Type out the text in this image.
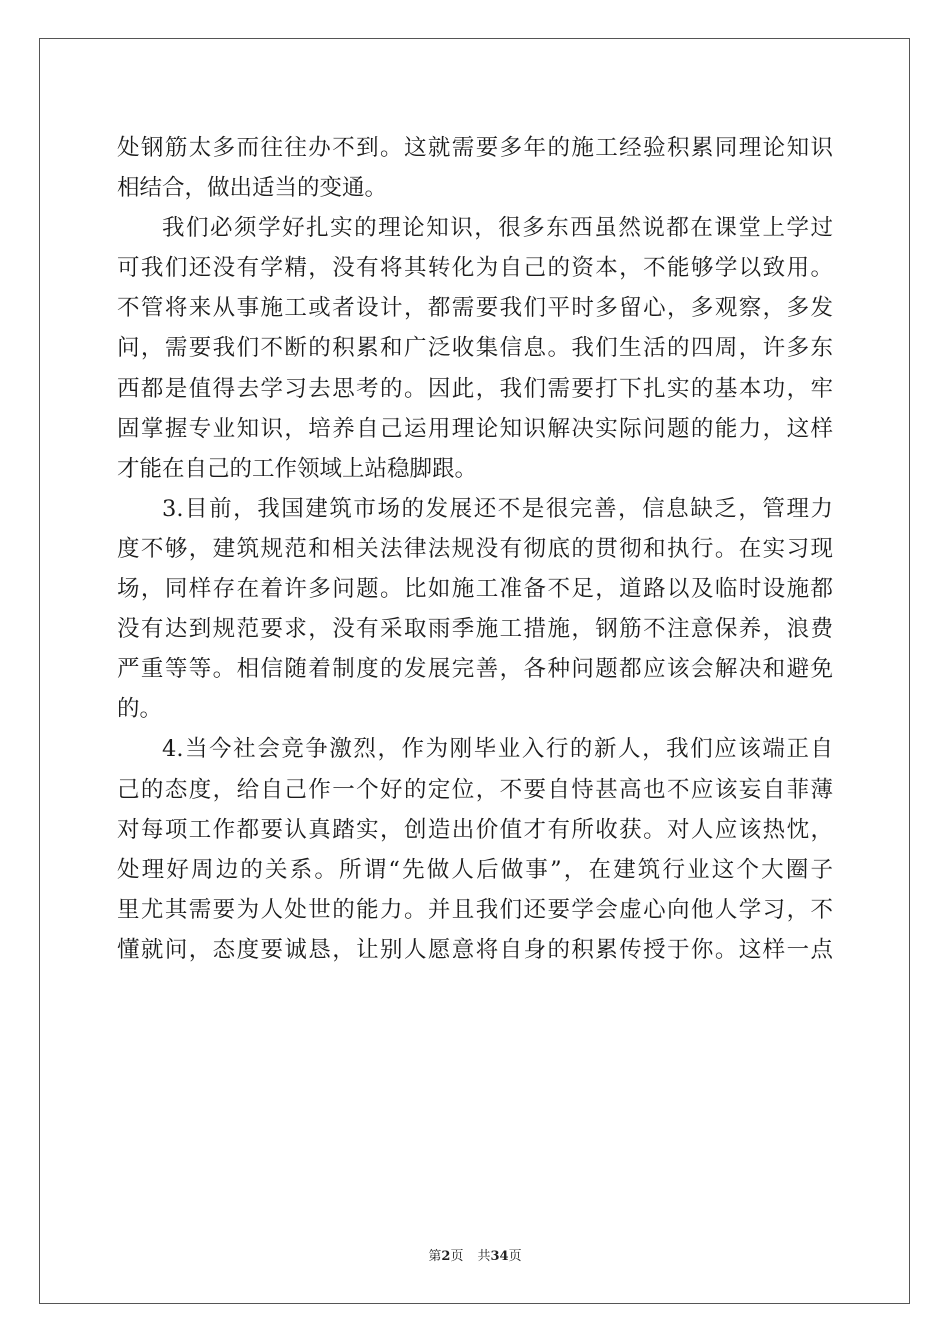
处钢筋太多而往往办不到。这就需要多年的施工经验积累同理论知识
相结合，做出适当的变通。
我们必须学好扎实的理论知识，很多东西虽然说都在课堂上学过
可我们还没有学精，没有将其转化为自己的资本，不能够学以致用。
不管将来从事施工或者设计，都需要我们平时多留心，多观察，多发
问，需要我们不断的积累和广泛收集信息。我们生活的四周，许多东
西都是值得去学习去思考的。因此，我们需要打下扎实的基本功，牢
固掌握专业知识，培养自己运用理论知识解决实际问题的能力，这样
才能在自己的工作领域上站稳脚跟。
3.目前，我国建筑市场的发展还不是很完善，信息缺乏，管理力
度不够，建筑规范和相关法律法规没有彻底的贯彻和执行。在实习现
场，同样存在着许多问题。比如施工准备不足，道路以及临时设施都
没有达到规范要求，没有采取雨季施工措施，钢筋不注意保养，浪费
严重等等。相信随着制度的发展完善，各种问题都应该会解决和避免
的。
4.当今社会竞争激烈，作为刚毕业入行的新人，我们应该端正自
己的态度，给自己作一个好的定位，不要自恃甚高也不应该妄自菲薄
对每项工作都要认真踏实，创造出价值才有所收获。对人应该热忱，
处理好周边的关系。所谓“先做人后做事”，在建筑行业这个大圈子
里尤其需要为人处世的能力。并且我们还要学会虚心向他人学习，不
懂就问，态度要诚恳，让别人愿意将自身的积累传授于你。这样一点
第2页 共34页
